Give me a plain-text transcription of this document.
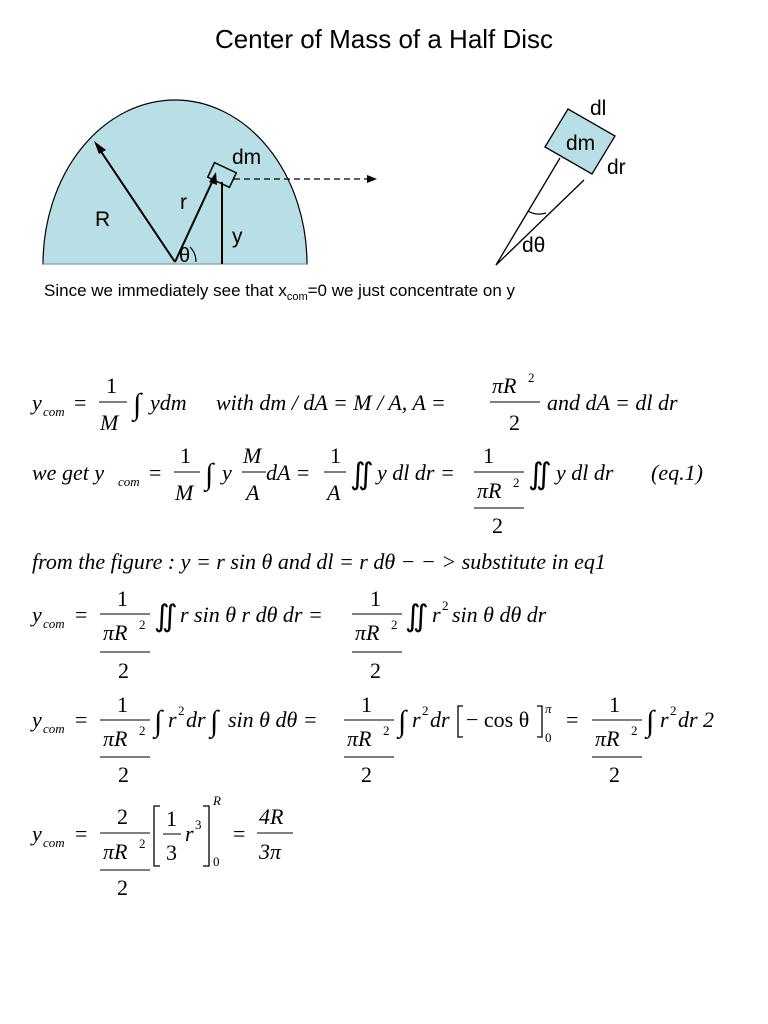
Center of Mass of a Half Disc
R
r
dm
y
θ
dl
dm
dr
dθ
Since we immediately see that $x_{com}=0$ we just concentrate on y
y com =
1
M
∫ ydm with dm / dA = M / A, A =
πR 2
2
and dA = dl dr
we get y com =
1
M
∫ y
M
A
dA =
1
A
∬ y dl dr =
1
πR 2
2
∬ y dl dr (eq.1)
from the figure : y = r sin θ and dl = r dθ − − > substitute in eq1
y com =
1
πR 2
2
∬ r sin θ r dθ dr =
1
πR 2
2
∬ r 2 sin θ dθ dr
y com =
1
πR 2
2
∫ r 2 dr ∫ sin θ dθ =
1
πR 2
2
∫ r 2 dr − cos θ π
0
=
1
πR 2
2
∫ r 2 dr 2
y com =
2
πR 2
2
1
3
r 3
R
0
=
4R
3π
